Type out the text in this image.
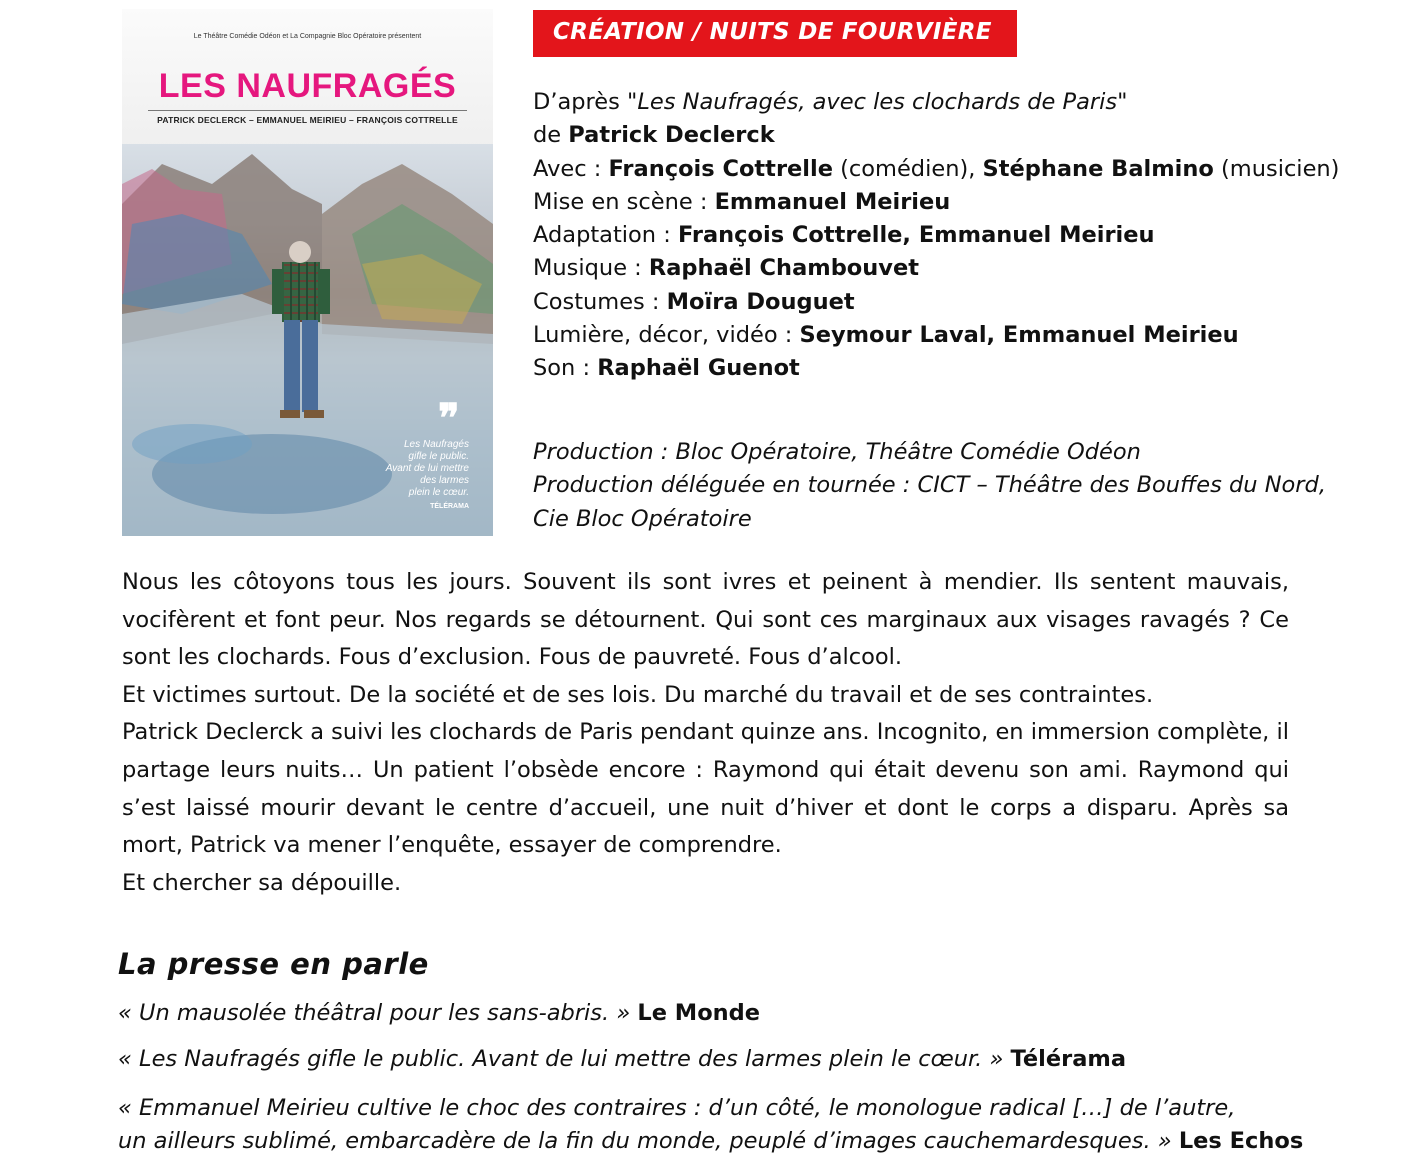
Le Théâtre Comédie Odéon et La Compagnie Bloc Opératoire présentent
LES NAUFRAGÉS
PATRICK DECLERCK – EMMANUEL MEIRIEU – FRANÇOIS COTTRELLE
❞
Les Naufragés
gifle le public.
Avant de lui mettre
des larmes
plein le cœur.
TÉLÉRAMA
CRÉATION / NUITS DE FOURVIÈRE
D’après "Les Naufragés, avec les clochards de Paris"
de Patrick Declerck
Avec : François Cottrelle (comédien), Stéphane Balmino (musicien)
Mise en scène : Emmanuel Meirieu
Adaptation : François Cottrelle, Emmanuel Meirieu
Musique : Raphaël Chambouvet
Costumes : Moïra Douguet
Lumière, décor, vidéo : Seymour Laval, Emmanuel Meirieu
Son : Raphaël Guenot
Production : Bloc Opératoire, Théâtre Comédie Odéon
Production déléguée en tournée : CICT – Théâtre des Bouffes du Nord,
Cie Bloc Opératoire

Nous les côtoyons tous les jours. Souvent ils sont ivres et peinent à mendier. Ils sentent mauvais, vocifèrent et font peur. Nos regards se détournent. Qui sont ces marginaux aux visages ravagés ? Ce sont les clochards. Fous d’exclusion. Fous de pauvreté. Fous d’alcool.

Et victimes surtout. De la société et de ses lois. Du marché du travail et de ses contraintes.

Patrick Declerck a suivi les clochards de Paris pendant quinze ans. Incognito, en immersion complète, il partage leurs nuits… Un patient l’obsède encore : Raymond qui était devenu son ami. Raymond qui s’est laissé mourir devant le centre d’accueil, une nuit d’hiver et dont le corps a disparu. Après sa mort, Patrick va mener l’enquête, essayer de comprendre.

Et chercher sa dépouille.

La presse en parle
« Un mausolée théâtral pour les sans-abris. » Le Monde
« Les Naufragés gifle le public. Avant de lui mettre des larmes plein le cœur. » Télérama
« Emmanuel Meirieu cultive le choc des contraires : d’un côté, le monologue radical […] de l’autre,
un ailleurs sublimé, embarcadère de la fin du monde, peuplé d’images cauchemardesques. » Les Echos
